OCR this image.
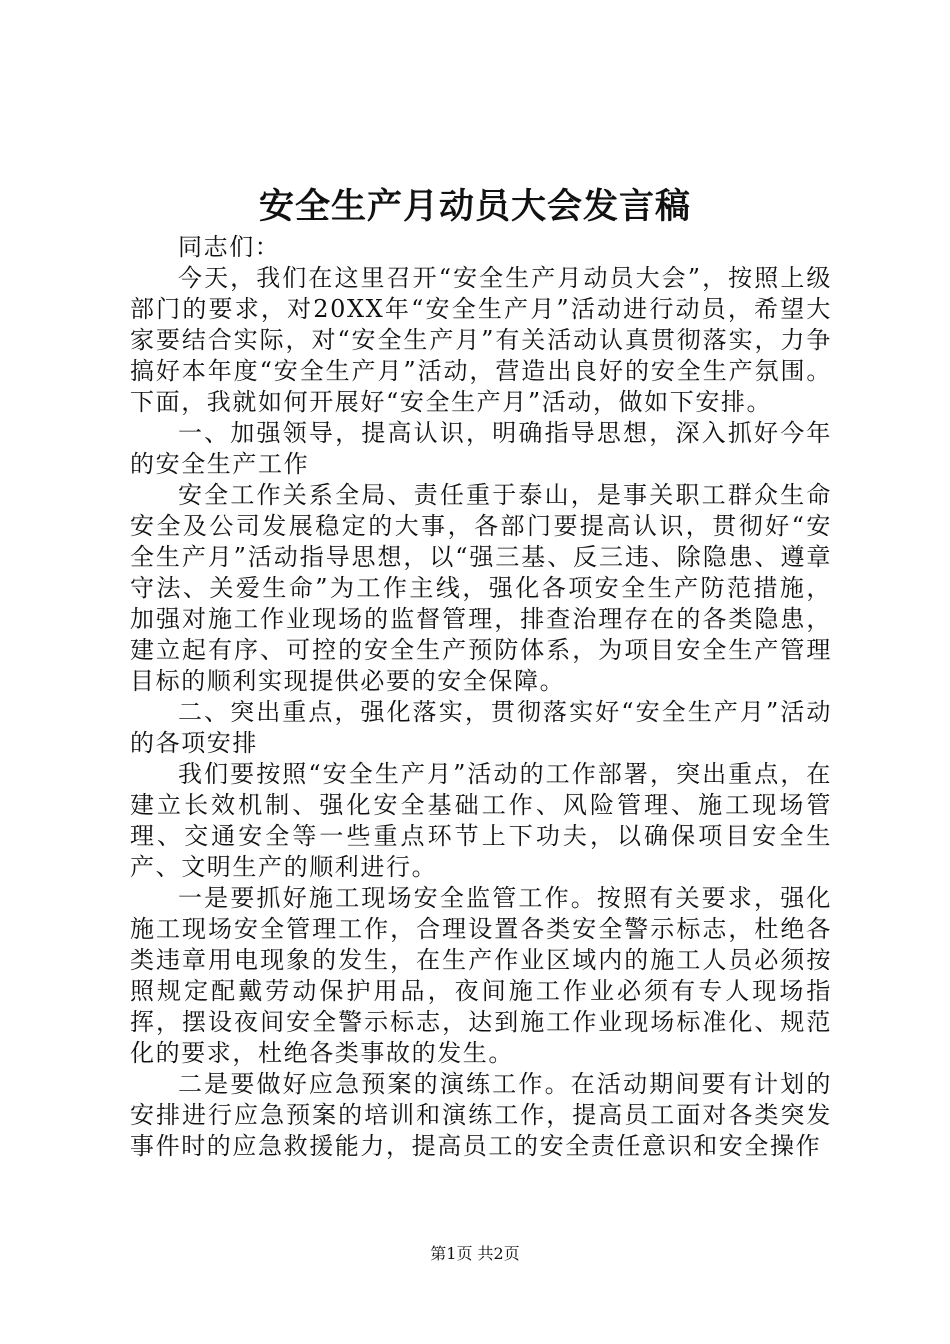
安全生产月动员大会发言稿

同志们：

今天，我们在这里召开“安全生产月动员大会”，按照上级部门的要求，对20XX年“安全生产月”活动进行动员，希望大家要结合实际，对“安全生产月”有关活动认真贯彻落实，力争搞好本年度“安全生产月”活动，营造出良好的安全生产氛围。下面，我就如何开展好“安全生产月”活动，做如下安排。

一、加强领导，提高认识，明确指导思想，深入抓好今年的安全生产工作

安全工作关系全局、责任重于泰山，是事关职工群众生命安全及公司发展稳定的大事，各部门要提高认识，贯彻好“安全生产月”活动指导思想，以“强三基、反三违、除隐患、遵章守法、关爱生命”为工作主线，强化各项安全生产防范措施，加强对施工作业现场的监督管理，排查治理存在的各类隐患，建立起有序、可控的安全生产预防体系，为项目安全生产管理目标的顺利实现提供必要的安全保障。

二、突出重点，强化落实，贯彻落实好“安全生产月”活动的各项安排

我们要按照“安全生产月”活动的工作部署，突出重点，在建立长效机制、强化安全基础工作、风险管理、施工现场管理、交通安全等一些重点环节上下功夫，以确保项目安全生产、文明生产的顺利进行。

一是要抓好施工现场安全监管工作。按照有关要求，强化施工现场安全管理工作，合理设置各类安全警示标志，杜绝各类违章用电现象的发生，在生产作业区域内的施工人员必须按照规定配戴劳动保护用品，夜间施工作业必须有专人现场指挥，摆设夜间安全警示标志，达到施工作业现场标准化、规范化的要求，杜绝各类事故的发生。

二是要做好应急预案的演练工作。在活动期间要有计划的安排进行应急预案的培训和演练工作，提高员工面对各类突发事件时的应急救援能力，提高员工的安全责任意识和安全操作

第1页 共2页
